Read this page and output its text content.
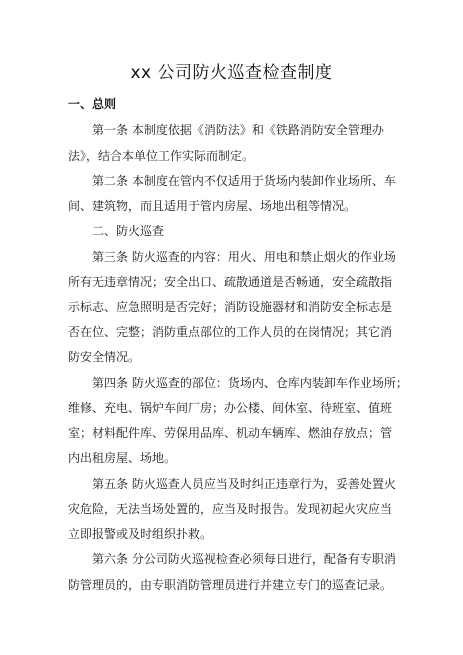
xx 公司防火巡查检查制度
一、总则
第一条 本制度依据《消防法》和《铁路消防安全管理办
法》，结合本单位工作实际而制定。
第二条 本制度在管内不仅适用于货场内装卸作业场所、车
间、建筑物，而且适用于管内房屋、场地出租等情况。
二、防火巡查
第三条 防火巡查的内容：用火、用电和禁止烟火的作业场
所有无违章情况；安全出口、疏散通道是否畅通，安全疏散指
示标志、应急照明是否完好；消防设施器材和消防安全标志是
否在位、完整；消防重点部位的工作人员的在岗情况；其它消
防安全情况。
第四条 防火巡查的部位：货场内、仓库内装卸车作业场所；
维修、充电、锅炉车间厂房；办公楼、间休室、待班室、值班
室；材料配件库、劳保用品库、机动车辆库、燃油存放点；管
内出租房屋、场地。
第五条 防火巡查人员应当及时纠正违章行为，妥善处置火
灾危险，无法当场处置的，应当及时报告。发现初起火灾应当
立即报警或及时组织扑救。
第六条 分公司防火巡视检查必须每日进行，配备有专职消
防管理员的，由专职消防管理员进行并建立专门的巡查记录。
